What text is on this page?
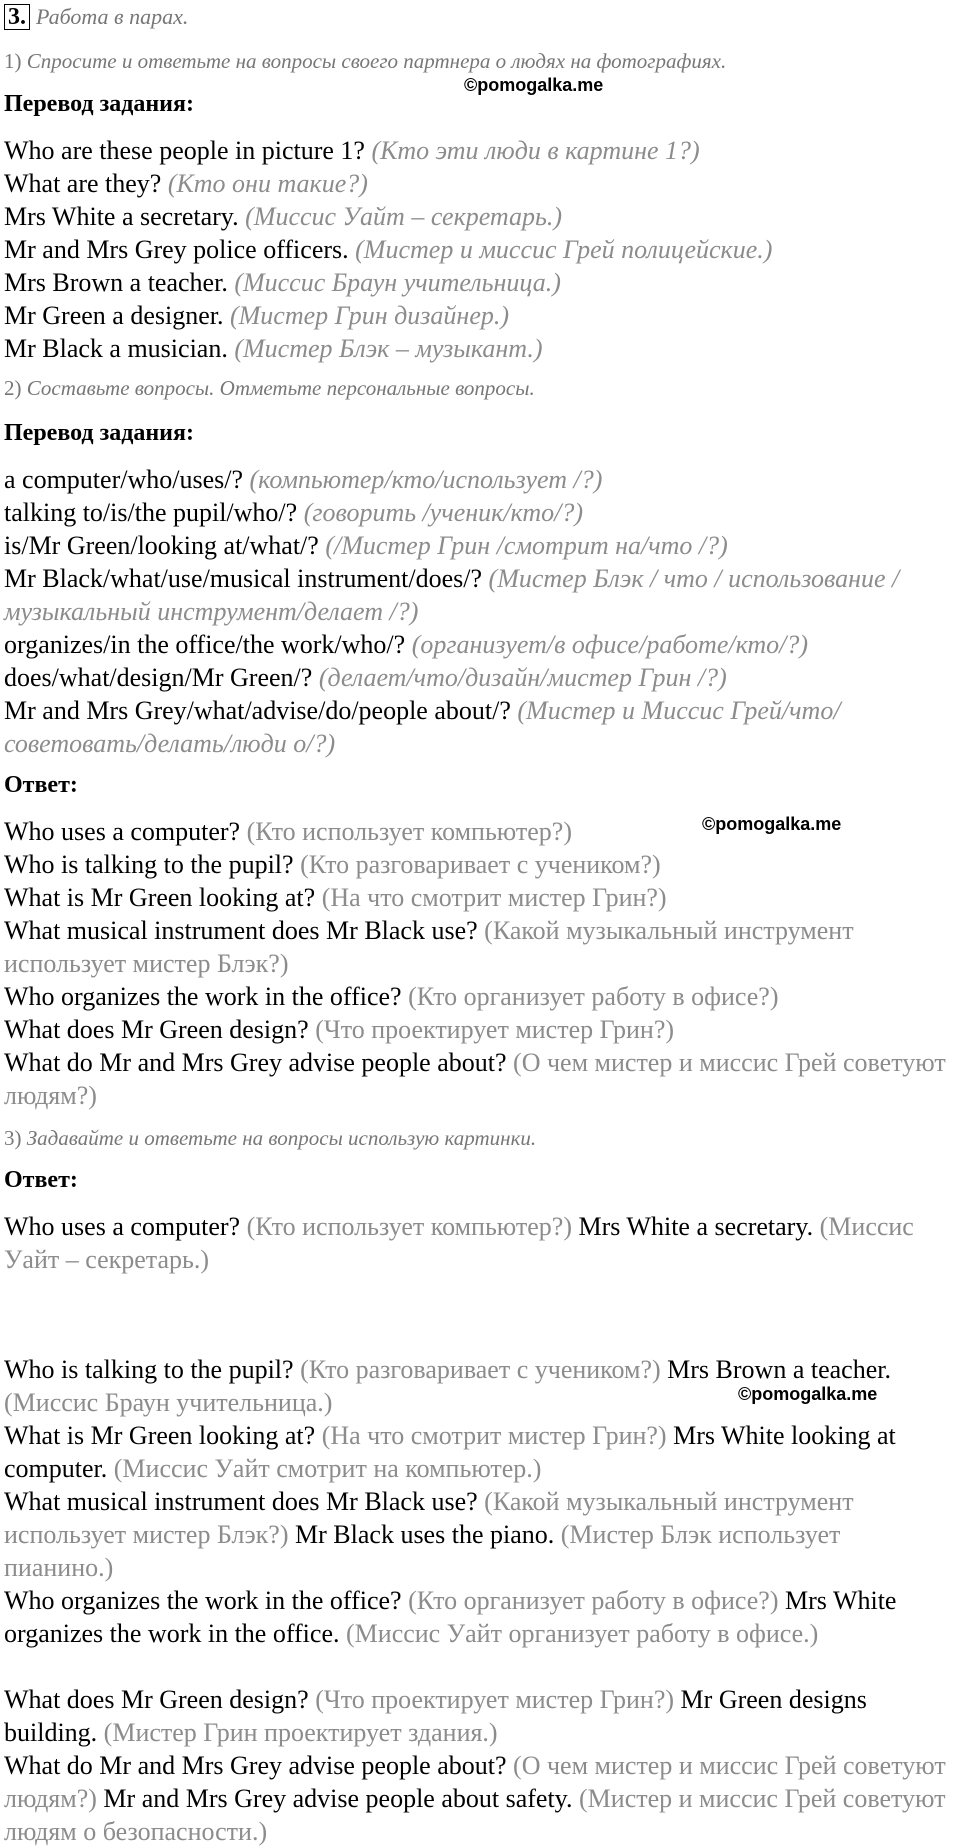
3. Работа в парах.
1) Спросите и ответьте на вопросы своего партнера о людях на фотографиях.
©pomogalka.me
Перевод задания:
Who are these people in picture 1? (Кто эти люди в картине 1?)
What are they? (Кто они такие?)
Mrs White a secretary. (Миссис Уайт – секретарь.)
Mr and Mrs Grey police officers. (Мистер и миссис Грей полицейские.)
Mrs Brown a teacher. (Миссис Браун учительница.)
Mr Green a designer. (Мистер Грин дизайнер.)
Mr Black a musician. (Мистер Блэк – музыкант.)
2) Составьте вопросы. Отметьте персональные вопросы.
Перевод задания:
a computer/who/uses/? (компьютер/кто/использует /?)
talking to/is/the pupil/who/? (говорить /ученик/кто/?)
is/Mr Green/looking at/what/? (/Мистер Грин /смотрит на/что /?)
Mr Black/what/use/musical instrument/does/? (Мистер Блэк / что / использование /музыкальный инструмент/делает /?)
organizes/in the office/the work/who/? (организует/в офисе/работе/кто/?)
does/what/design/Mr Green/? (делает/что/дизайн/мистер Грин /?)
Mr and Mrs Grey/what/advise/do/people about/? (Мистер и Миссис Грей/что/советовать/делать/люди о/?)
Ответ:
Who uses a computer? (Кто использует компьютер?)	©pomogalka.me
Who is talking to the pupil? (Кто разговаривает с учеником?)
What is Mr Green looking at? (На что смотрит мистер Грин?)
What musical instrument does Mr Black use? (Какой музыкальный инструмент использует мистер Блэк?)
Who organizes the work in the office? (Кто организует работу в офисе?)
What does Mr Green design? (Что проектирует мистер Грин?)
What do Mr and Mrs Grey advise people about? (О чем мистер и миссис Грей советуют людям?)
3) Задавайте и ответьте на вопросы использую картинки.
Ответ:
Who uses a computer? (Кто использует компьютер?) Mrs White a secretary. (Миссис Уайт – секретарь.)
Who is talking to the pupil? (Кто разговаривает с учеником?) Mrs Brown a teacher. (Миссис Браун учительница.)	©pomogalka.me
What is Mr Green looking at? (На что смотрит мистер Грин?) Mrs White looking at computer. (Миссис Уайт смотрит на компьютер.)
What musical instrument does Mr Black use? (Какой музыкальный инструмент использует мистер Блэк?) Mr Black uses the piano. (Мистер Блэк использует пианино.)
Who organizes the work in the office? (Кто организует работу в офисе?) Mrs White organizes the work in the office. (Миссис Уайт организует работу в офисе.)
What does Mr Green design? (Что проектирует мистер Грин?) Mr Green designs building. (Мистер Грин проектирует здания.)
What do Mr and Mrs Grey advise people about? (О чем мистер и миссис Грей советуют людям?) Mr and Mrs Grey advise people about safety. (Мистер и миссис Грей советуют людям о безопасности.)
